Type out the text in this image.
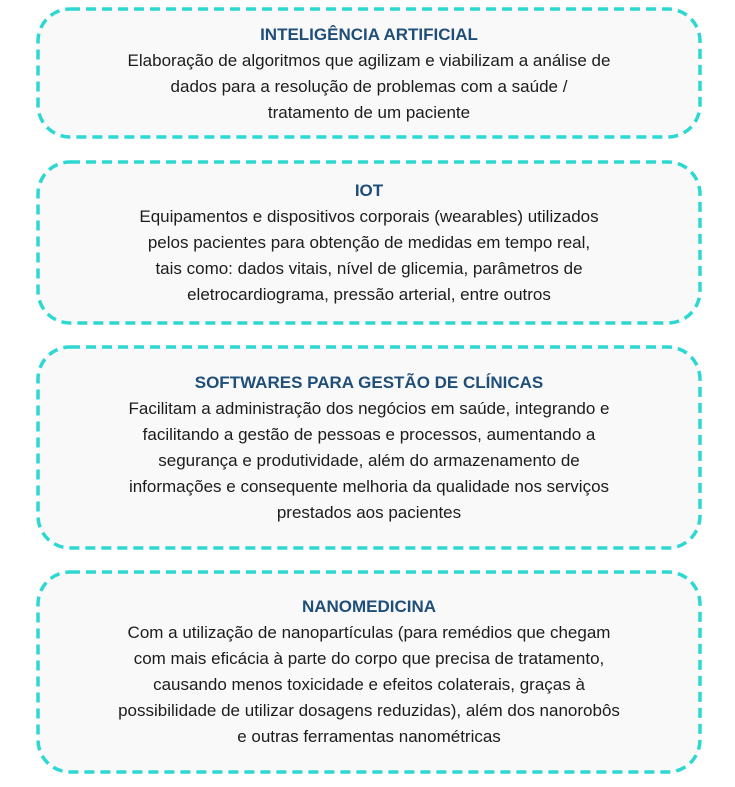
INTELIGÊNCIA ARTIFICIAL

Elaboração de algoritmos que agilizam e viabilizam a análise de
dados para a resolução de problemas com a saúde /
tratamento de um paciente

IOT

Equipamentos e dispositivos corporais (wearables) utilizados
pelos pacientes para obtenção de medidas em tempo real,
tais como: dados vitais, nível de glicemia, parâmetros de
eletrocardiograma, pressão arterial, entre outros

SOFTWARES PARA GESTÃO DE CLÍNICAS

Facilitam a administração dos negócios em saúde, integrando e
facilitando a gestão de pessoas e processos, aumentando a
segurança e produtividade, além do armazenamento de
informações e consequente melhoria da qualidade nos serviços
prestados aos pacientes

NANOMEDICINA

Com a utilização de nanopartículas (para remédios que chegam
com mais eficácia à parte do corpo que precisa de tratamento,
causando menos toxicidade e efeitos colaterais, graças à
possibilidade de utilizar dosagens reduzidas), além dos nanorobôs
e outras ferramentas nanométricas
